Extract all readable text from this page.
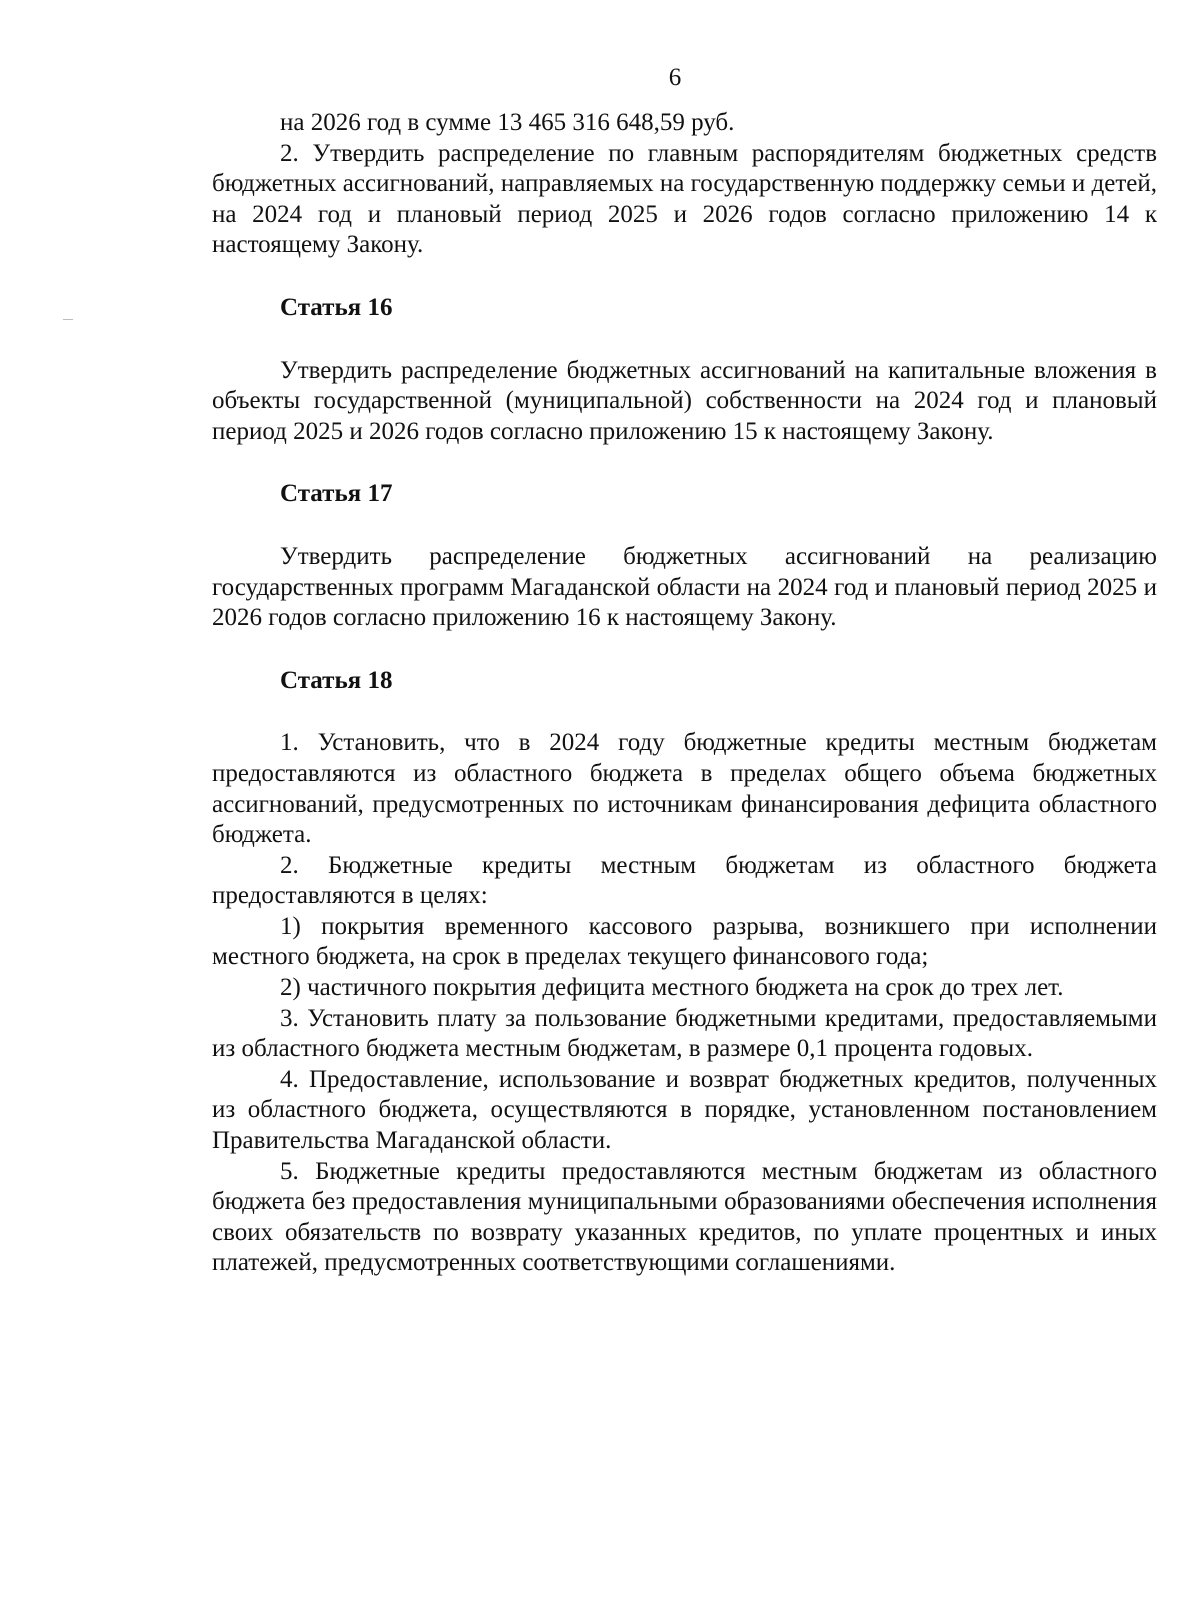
6

на 2026 год в сумме 13 465 316 648,59 руб.

2. Утвердить распределение по главным распорядителям бюджетных средств бюджетных ассигнований, направляемых на государственную поддержку семьи и детей, на 2024 год и плановый период 2025 и 2026 годов согласно приложению 14 к настоящему Закону.

Статья 16

Утвердить распределение бюджетных ассигнований на капитальные вложения в объекты государственной (муниципальной) собственности на 2024 год и плановый период 2025 и 2026 годов согласно приложению 15 к настоящему Закону.

Статья 17

Утвердить распределение бюджетных ассигнований на реализацию государственных программ Магаданской области на 2024 год и плановый период 2025 и 2026 годов согласно приложению 16 к настоящему Закону.

Статья 18

1. Установить, что в 2024 году бюджетные кредиты местным бюджетам предоставляются из областного бюджета в пределах общего объема бюджетных ассигнований, предусмотренных по источникам финансирования дефицита областного бюджета.

2. Бюджетные кредиты местным бюджетам из областного бюджета предоставляются в целях:

1) покрытия временного кассового разрыва, возникшего при исполнении местного бюджета, на срок в пределах текущего финансового года;

2) частичного покрытия дефицита местного бюджета на срок до трех лет.

3. Установить плату за пользование бюджетными кредитами, предоставляемыми из областного бюджета местным бюджетам, в размере 0,1 процента годовых.

4. Предоставление, использование и возврат бюджетных кредитов, полученных из областного бюджета, осуществляются в порядке, установленном постановлением Правительства Магаданской области.

5. Бюджетные кредиты предоставляются местным бюджетам из областного бюджета без предоставления муниципальными образованиями обеспечения исполнения своих обязательств по возврату указанных кредитов, по уплате процентных и иных платежей, предусмотренных соответствующими соглашениями.
